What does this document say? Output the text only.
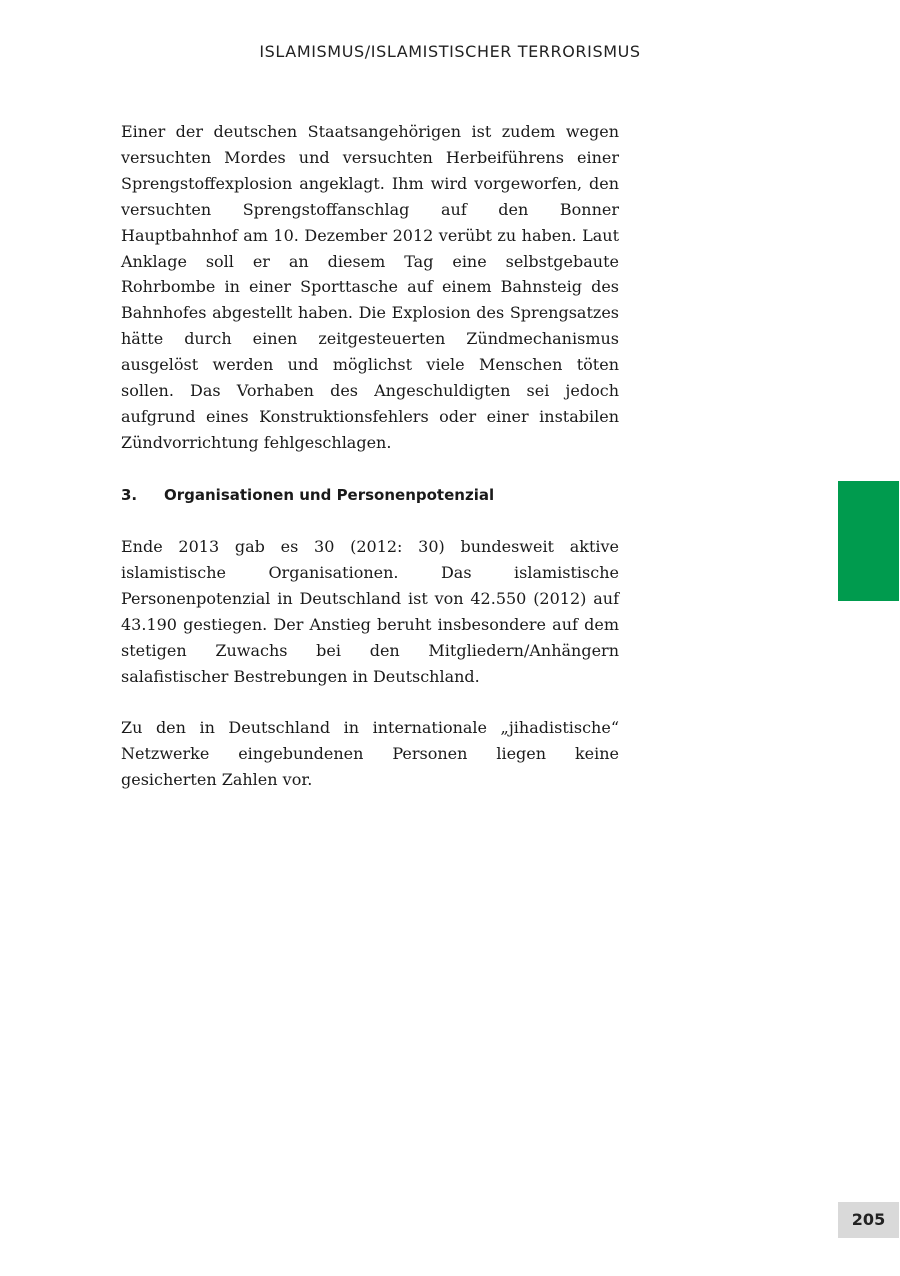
ISLAMISMUS/ISLAMISTISCHER TERRORISMUS

Einer der deutschen Staatsangehörigen ist zudem wegen versuchten Mordes und versuchten Herbeiführens einer Sprengstoffexplosion angeklagt. Ihm wird vorgeworfen, den versuchten Sprengstoffanschlag auf den Bonner Hauptbahnhof am 10. Dezember 2012 verübt zu haben. Laut Anklage soll er an diesem Tag eine selbstgebaute Rohrbombe in einer Sporttasche auf einem Bahnsteig des Bahnhofes abgestellt haben. Die Explosion des Sprengsatzes hätte durch einen zeitgesteuerten Zündmechanismus ausgelöst werden und möglichst viele Menschen töten sollen. Das Vorhaben des Angeschuldigten sei jedoch aufgrund eines Konstruktionsfehlers oder einer instabilen Zündvorrichtung fehlgeschlagen.

3. Organisationen und Personenpotenzial

Ende 2013 gab es 30 (2012: 30) bundesweit aktive islamistische Organisationen. Das islamistische Personenpotenzial in Deutschland ist von 42.550 (2012) auf 43.190 gestiegen. Der Anstieg beruht insbesondere auf dem stetigen Zuwachs bei den Mitgliedern/Anhängern salafistischer Bestrebungen in Deutschland.

Zu den in Deutschland in internationale „jihadistische“ Netzwerke eingebundenen Personen liegen keine gesicherten Zahlen vor.

205
